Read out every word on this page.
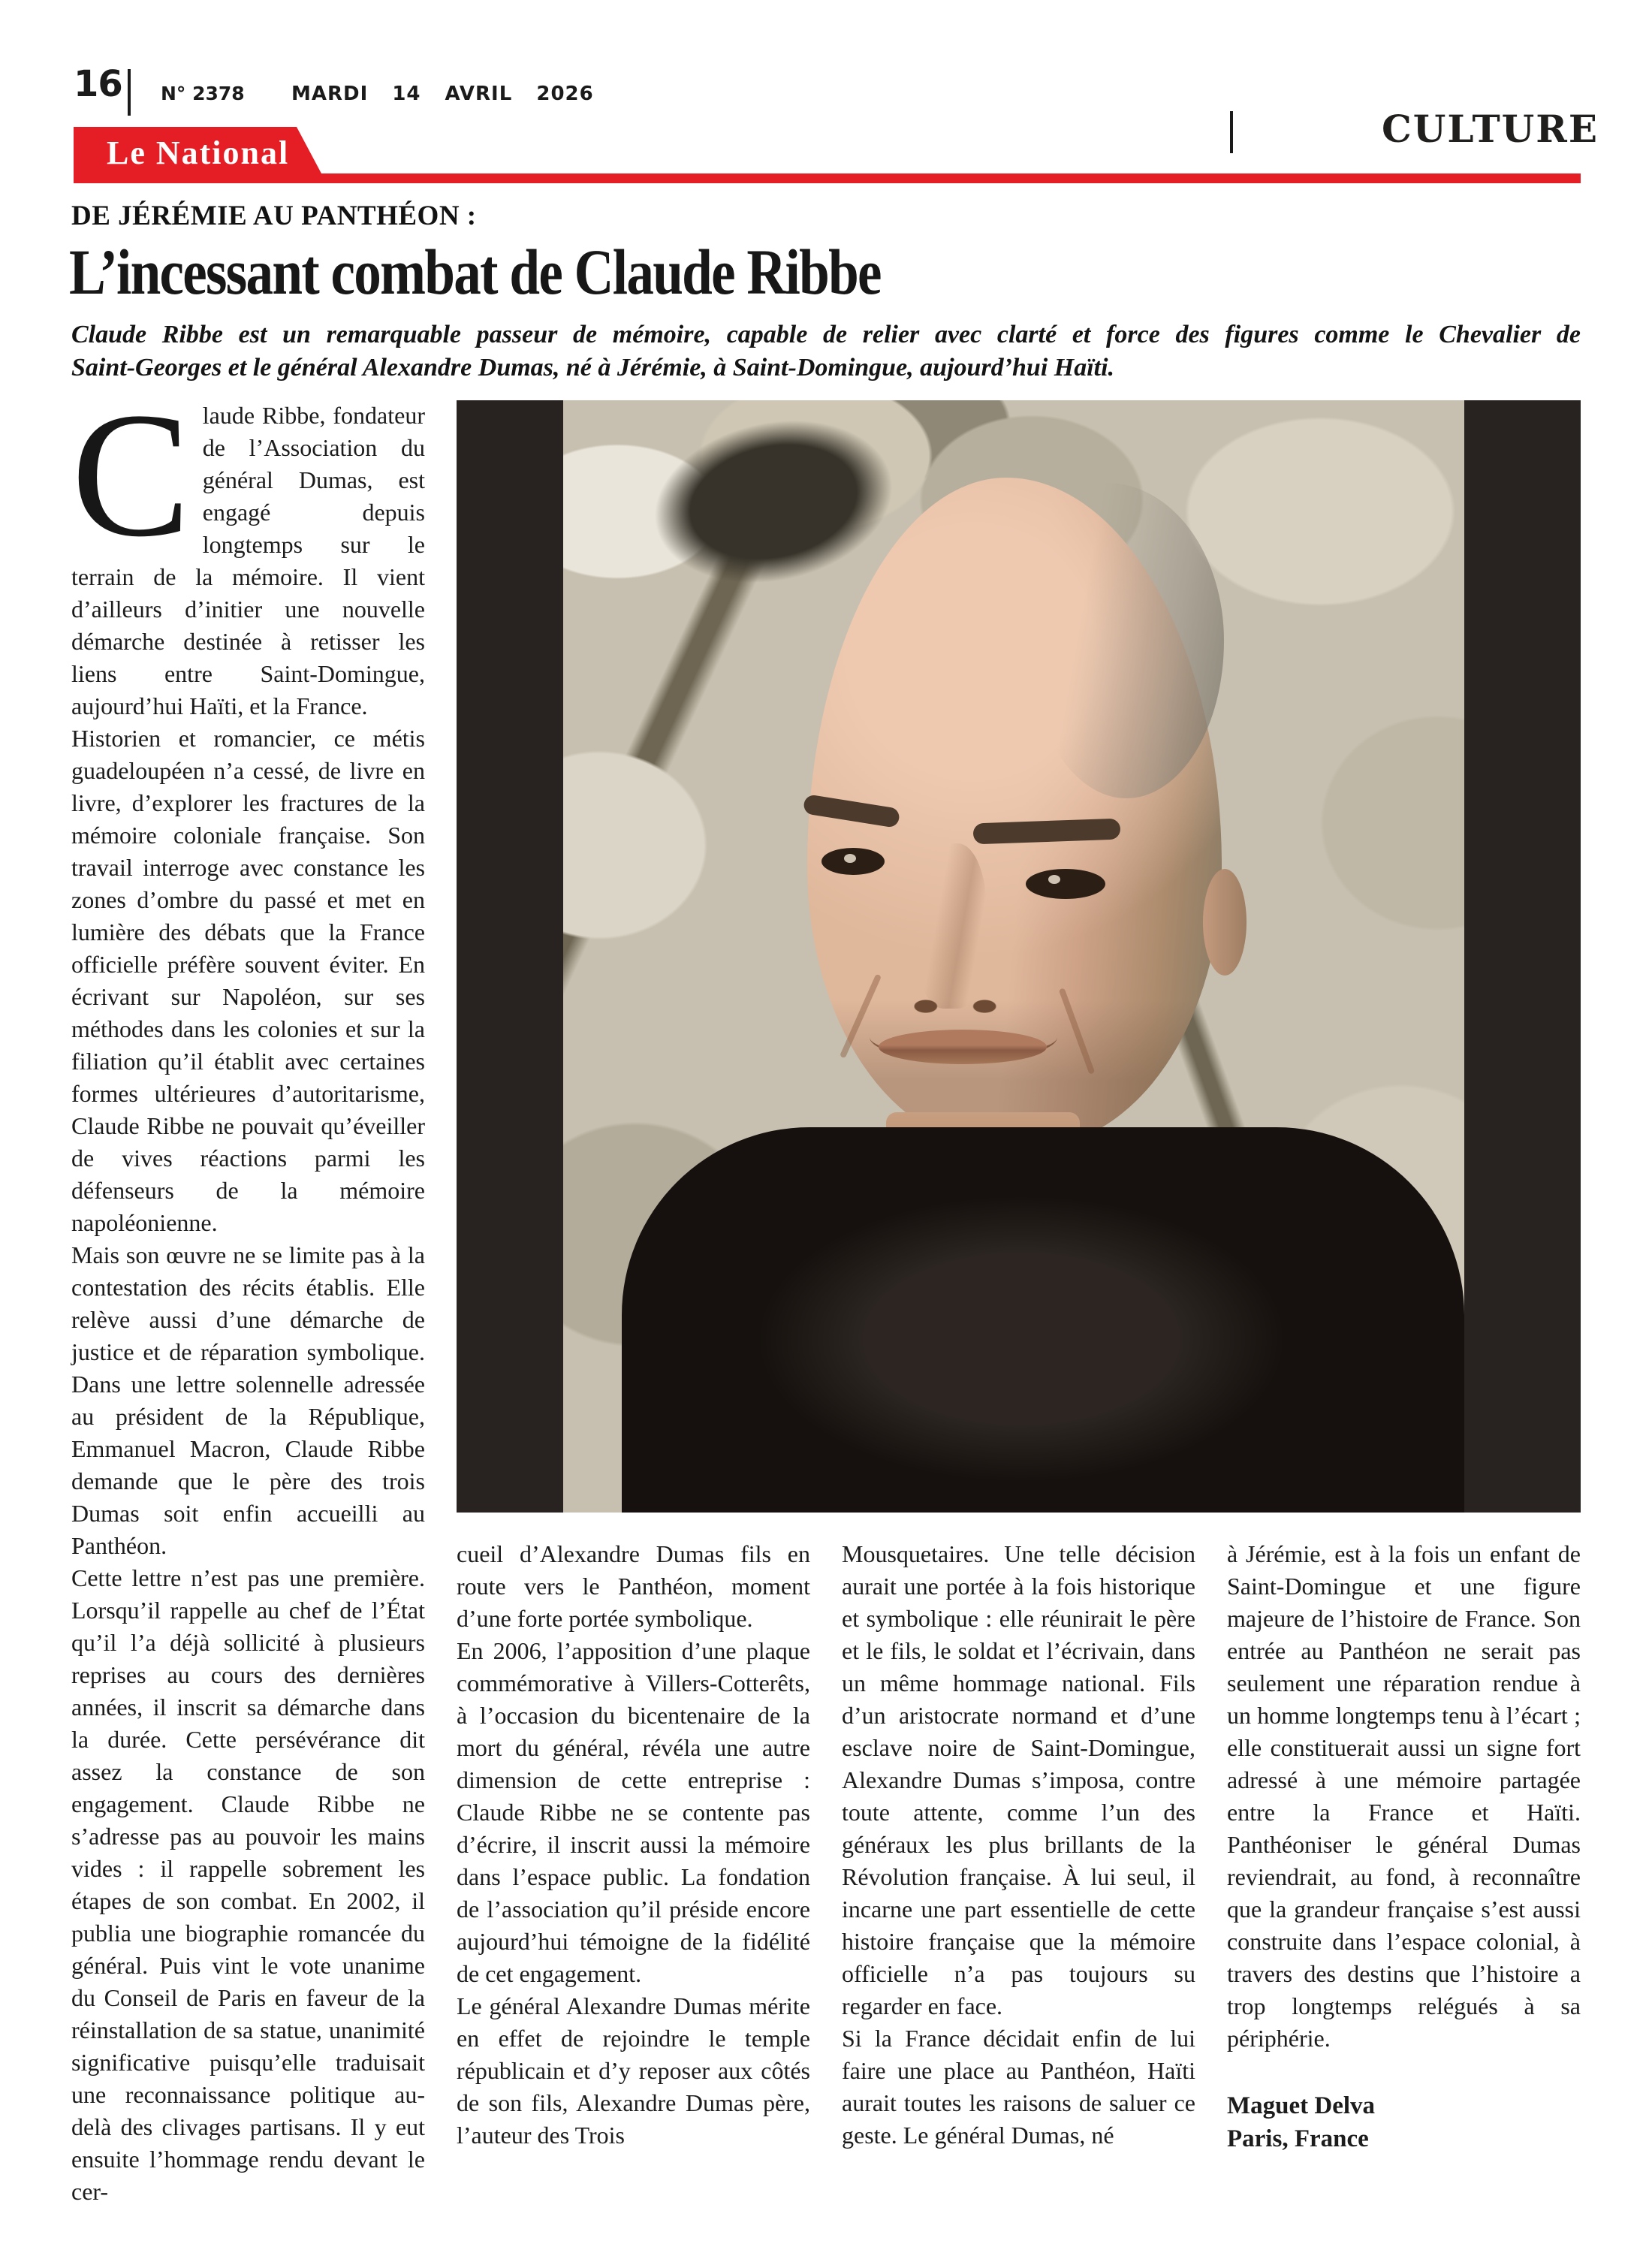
16 N° 2378 MARDI 14 AVRIL 2026
CULTURE
Le National
DE JÉRÉMIE AU PANTHÉON :
L’incessant combat de Claude Ribbe
Claude Ribbe est un remarquable passeur de mémoire, capable de relier avec clarté et force des figures comme le Chevalier de
Saint-Georges et le général Alexandre Dumas, né à Jérémie, à Saint-Domingue, aujourd’hui Haïti.

Claude Ribbe, fondateur de l’Association du général Dumas, est engagé depuis longtemps sur le terrain de la mémoire. Il vient d’ailleurs d’initier une nouvelle démarche destinée à retisser les liens entre Saint-Domingue, aujourd’hui Haïti, et la France.

Historien et romancier, ce métis guadeloupéen n’a cessé, de livre en livre, d’explorer les fractures de la mémoire coloniale française. Son travail interroge avec constance les zones d’ombre du passé et met en lumière des débats que la France officielle préfère souvent éviter. En écrivant sur Napoléon, sur ses méthodes dans les colonies et sur la filiation qu’il établit avec certaines formes ultérieures d’autoritarisme, Claude Ribbe ne pouvait qu’éveiller de vives réactions parmi les défenseurs de la mémoire napoléonienne.

Mais son œuvre ne se limite pas à la contestation des récits établis. Elle relève aussi d’une démarche de justice et de réparation symbolique. Dans une lettre solennelle adressée au président de la République, Emmanuel Macron, Claude Ribbe demande que le père des trois Dumas soit enfin accueilli au Panthéon.

Cette lettre n’est pas une première. Lorsqu’il rappelle au chef de l’État qu’il l’a déjà sollicité à plusieurs reprises au cours des dernières années, il inscrit sa démarche dans la durée. Cette persévérance dit assez la constance de son engagement. Claude Ribbe ne s’adresse pas au pouvoir les mains vides : il rappelle sobrement les étapes de son combat. En 2002, il publia une biographie romancée du général. Puis vint le vote unanime du Conseil de Paris en faveur de la réinstallation de sa statue, unanimité significative puisqu’elle traduisait une reconnaissance politique au-delà des clivages partisans. Il y eut ensuite l’hommage rendu devant le cer-

cueil d’Alexandre Dumas fils en route vers le Panthéon, moment d’une forte portée symbolique.

En 2006, l’apposition d’une plaque commémorative à Villers-Cotterêts, à l’occasion du bicentenaire de la mort du général, révéla une autre dimension de cette entreprise : Claude Ribbe ne se contente pas d’écrire, il inscrit aussi la mémoire dans l’espace public. La fondation de l’association qu’il préside encore aujourd’hui témoigne de la fidélité de cet engagement.

Le général Alexandre Dumas mérite en effet de rejoindre le temple républicain et d’y reposer aux côtés de son fils, Alexandre Dumas père, l’auteur des Trois

Mousquetaires. Une telle décision aurait une portée à la fois historique et symbolique : elle réunirait le père et le fils, le soldat et l’écrivain, dans un même hommage national. Fils d’un aristocrate normand et d’une esclave noire de Saint-Domingue, Alexandre Dumas s’imposa, contre toute attente, comme l’un des généraux les plus brillants de la Révolution française. À lui seul, il incarne une part essentielle de cette histoire française que la mémoire officielle n’a pas toujours su regarder en face.

Si la France décidait enfin de lui faire une place au Panthéon, Haïti aurait toutes les raisons de saluer ce geste. Le général Dumas, né

à Jérémie, est à la fois un enfant de Saint-Domingue et une figure majeure de l’histoire de France. Son entrée au Panthéon ne serait pas seulement une réparation rendue à un homme longtemps tenu à l’écart ; elle constituerait aussi un signe fort adressé à une mémoire partagée entre la France et Haïti. Panthéoniser le général Dumas reviendrait, au fond, à reconnaître que la grandeur française s’est aussi construite dans l’espace colonial, à travers des destins que l’histoire a trop longtemps relégués à sa périphérie.

Maguet Delva
Paris, France
